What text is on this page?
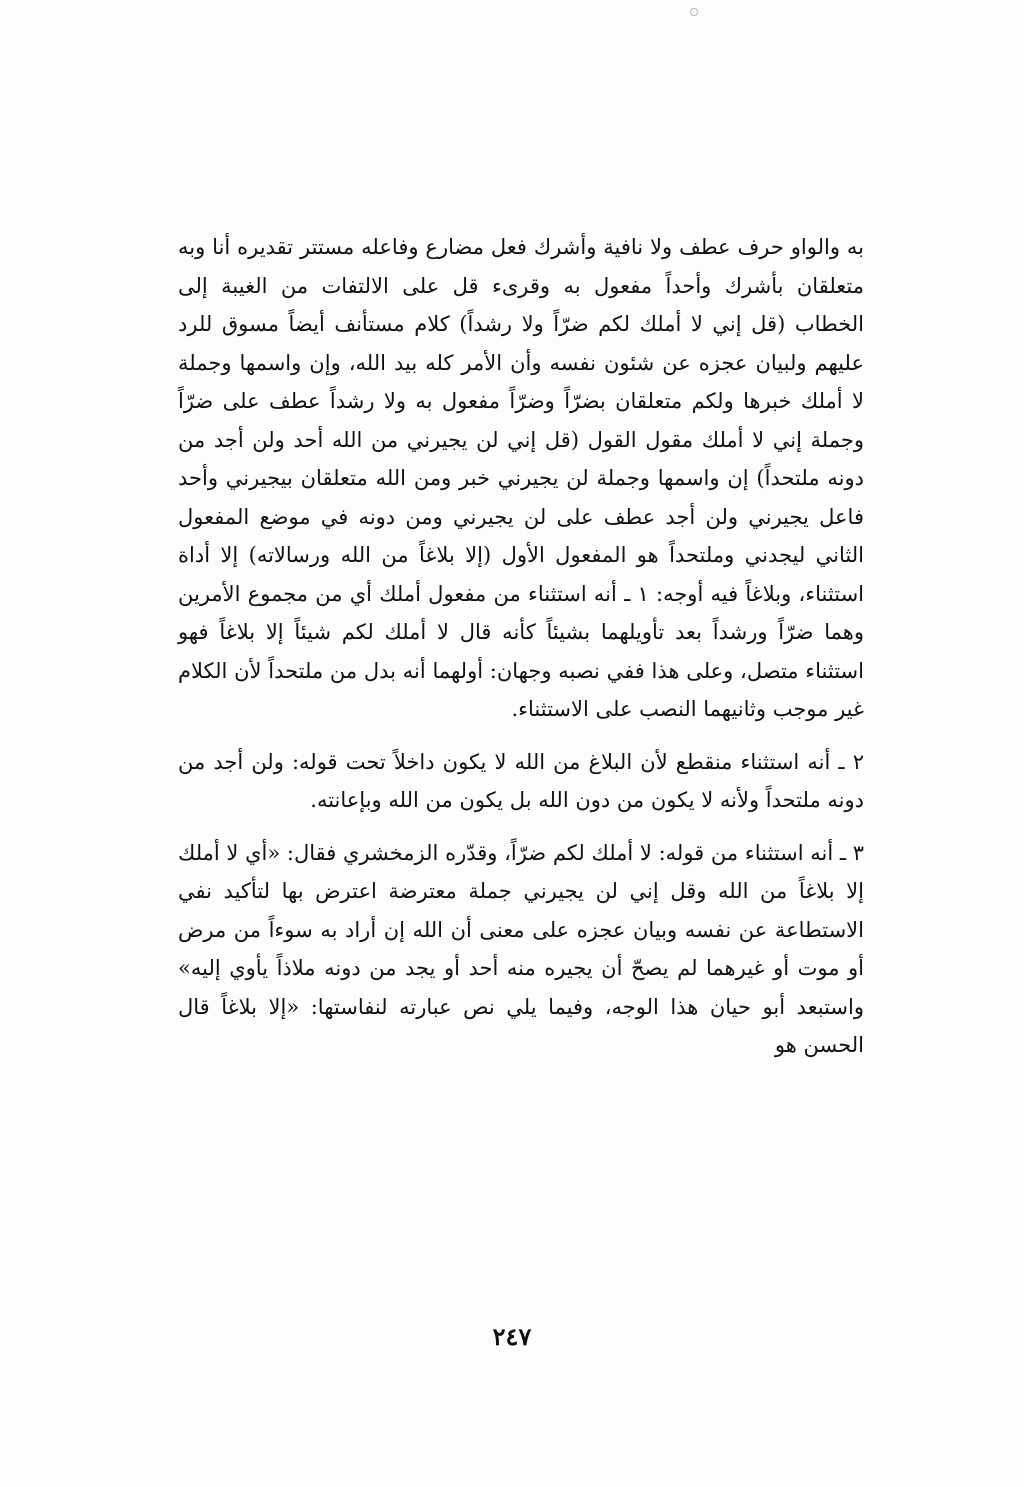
به والواو حرف عطف ولا نافية وأشرك فعل مضارع وفاعله مستتر تقديره أنا وبه متعلقان بأشرك وأحداً مفعول به وقرىء قل على الالتفات من الغيبة إلى الخطاب (قل إني لا أملك لكم ضرّاً ولا رشداً) كلام مستأنف أيضاً مسوق للرد عليهم ولبيان عجزه عن شئون نفسه وأن الأمر كله بيد الله، وإن واسمها وجملة لا أملك خبرها ولكم متعلقان بضرّاً وضرّاً مفعول به ولا رشداً عطف على ضرّاً وجملة إني لا أملك مقول القول (قل إني لن يجيرني من الله أحد ولن أجد من دونه ملتحداً) إن واسمها وجملة لن يجيرني خبر ومن الله متعلقان بيجيرني وأحد فاعل يجيرني ولن أجد عطف على لن يجيرني ومن دونه في موضع المفعول الثاني ليجدني وملتحداً هو المفعول الأول (إلا بلاغاً من الله ورسالاته) إلا أداة استثناء، وبلاغاً فيه أوجه: ١ ـ أنه استثناء من مفعول أملك أي من مجموع الأمرين وهما ضرّاً ورشداً بعد تأويلهما بشيئاً كأنه قال لا أملك لكم شيئاً إلا بلاغاً فهو استثناء متصل، وعلى هذا ففي نصبه وجهان: أولهما أنه بدل من ملتحداً لأن الكلام غير موجب وثانيهما النصب على الاستثناء.

٢ ـ أنه استثناء منقطع لأن البلاغ من الله لا يكون داخلاً تحت قوله: ولن أجد من دونه ملتحداً ولأنه لا يكون من دون الله بل يكون من الله وبإعانته.

٣ ـ أنه استثناء من قوله: لا أملك لكم ضرّاً، وقدّره الزمخشري فقال: «أي لا أملك إلا بلاغاً من الله وقل إني لن يجيرني جملة معترضة اعترض بها لتأكيد نفي الاستطاعة عن نفسه وبيان عجزه على معنى أن الله إن أراد به سوءاً من مرض أو موت أو غيرهما لم يصحّ أن يجيره منه أحد أو يجد من دونه ملاذاً يأوي إليه» واستبعد أبو حيان هذا الوجه، وفيما يلي نص عبارته لنفاستها: «إلا بلاغاً قال الحسن هو

٢٤٧
